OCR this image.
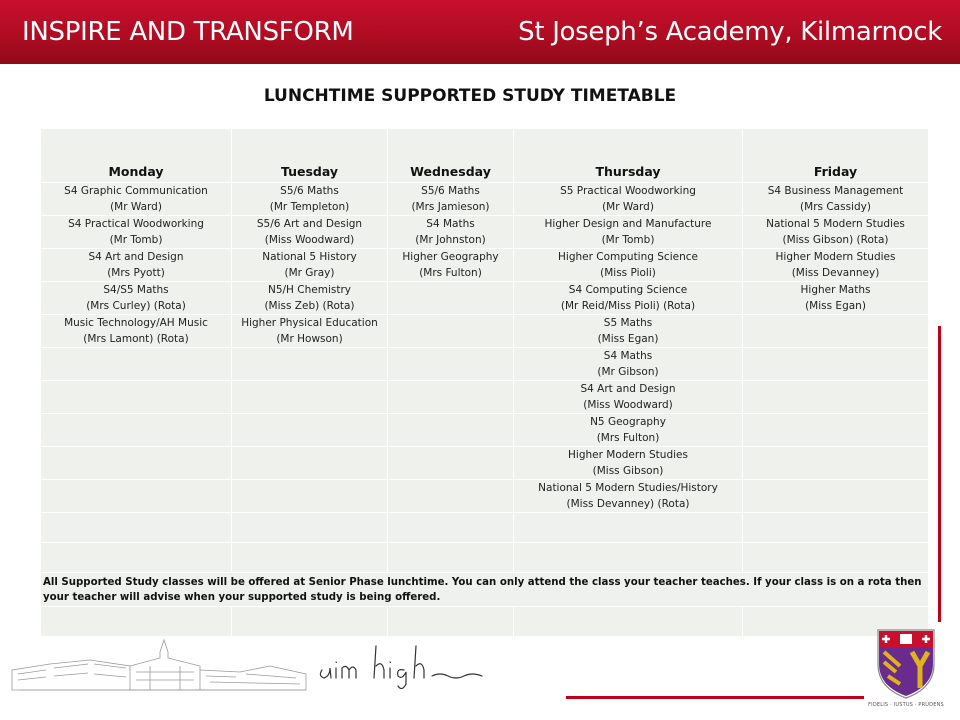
INSPIRE AND TRANSFORM	St Joseph’s Academy, Kilmarnock
LUNCHTIME SUPPORTED STUDY TIMETABLE
Monday	Tuesday	Wednesday	Thursday	Friday

S4 Graphic Communication
(Mr Ward)	S5/6 Maths
(Mr Templeton)	S5/6 Maths
(Mrs Jamieson)	S5 Practical Woodworking
(Mr Ward)	S4 Business Management
(Mrs Cassidy)

S4 Practical Woodworking
(Mr Tomb)	S5/6 Art and Design
(Miss Woodward)	S4 Maths
(Mr Johnston)	Higher Design and Manufacture
(Mr Tomb)	National 5 Modern Studies
(Miss Gibson) (Rota)

S4 Art and Design
(Mrs Pyott)	National 5 History
(Mr Gray)	Higher Geography
(Mrs Fulton)	Higher Computing Science
(Miss Pioli)	Higher Modern Studies
(Miss Devanney)

S4/S5 Maths
(Mrs Curley) (Rota)	N5/H Chemistry
(Miss Zeb) (Rota)		S4 Computing Science
(Mr Reid/Miss Pioli) (Rota)	Higher Maths
(Miss Egan)

Music Technology/AH Music
(Mrs Lamont) (Rota)	Higher Physical Education
(Mr Howson)		S5 Maths
(Miss Egan)	

			S4 Maths
(Mr Gibson)	

			S4 Art and Design
(Miss Woodward)	

			N5 Geography
(Mrs Fulton)	

			Higher Modern Studies
(Miss Gibson)	

			National 5 Modern Studies/History
(Miss Devanney) (Rota)	

All Supported Study classes will be offered at Senior Phase lunchtime. You can only attend the class your teacher teaches. If your class is on a rota then your teacher will advise when your supported study is being offered.				

FIDELIS · IUSTUS · PRUDENS
